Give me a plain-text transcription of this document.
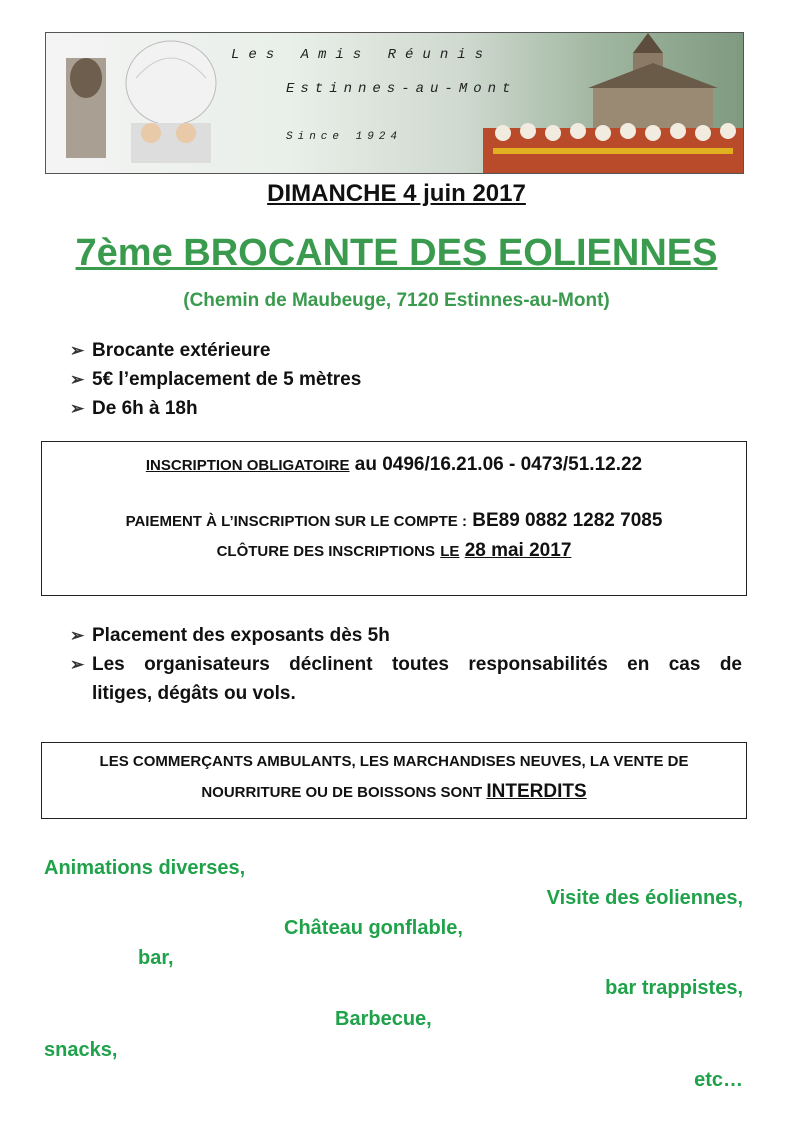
Les Amis Réunis
Estinnes-au-Mont
Since 1924
DIMANCHE 4 juin 2017
7ème BROCANTE DES EOLIENNES
(Chemin de Maubeuge, 7120 Estinnes-au-Mont)
➢ Brocante extérieure
➢ 5€ l’emplacement de 5 mètres
➢ De 6h à 18h
INSCRIPTION OBLIGATOIRE au 0496/16.21.06 - 0473/51.12.22
PAIEMENT À L’INSCRIPTION SUR LE COMPTE : BE89 0882 1282 7085
CLÔTURE DES INSCRIPTIONS LE 28 mai 2017
➢ Placement des exposants dès 5h
➢ Les organisateurs déclinent toutes responsabilités en cas de
litiges, dégâts ou vols.
LES COMMERÇANTS AMBULANTS, LES MARCHANDISES NEUVES, LA VENTE DE
NOURRITURE OU DE BOISSONS SONT INTERDITS
Animations diverses,
Visite des éoliennes,
Château gonflable,
bar,
bar trappistes,
Barbecue,
snacks,
etc…
